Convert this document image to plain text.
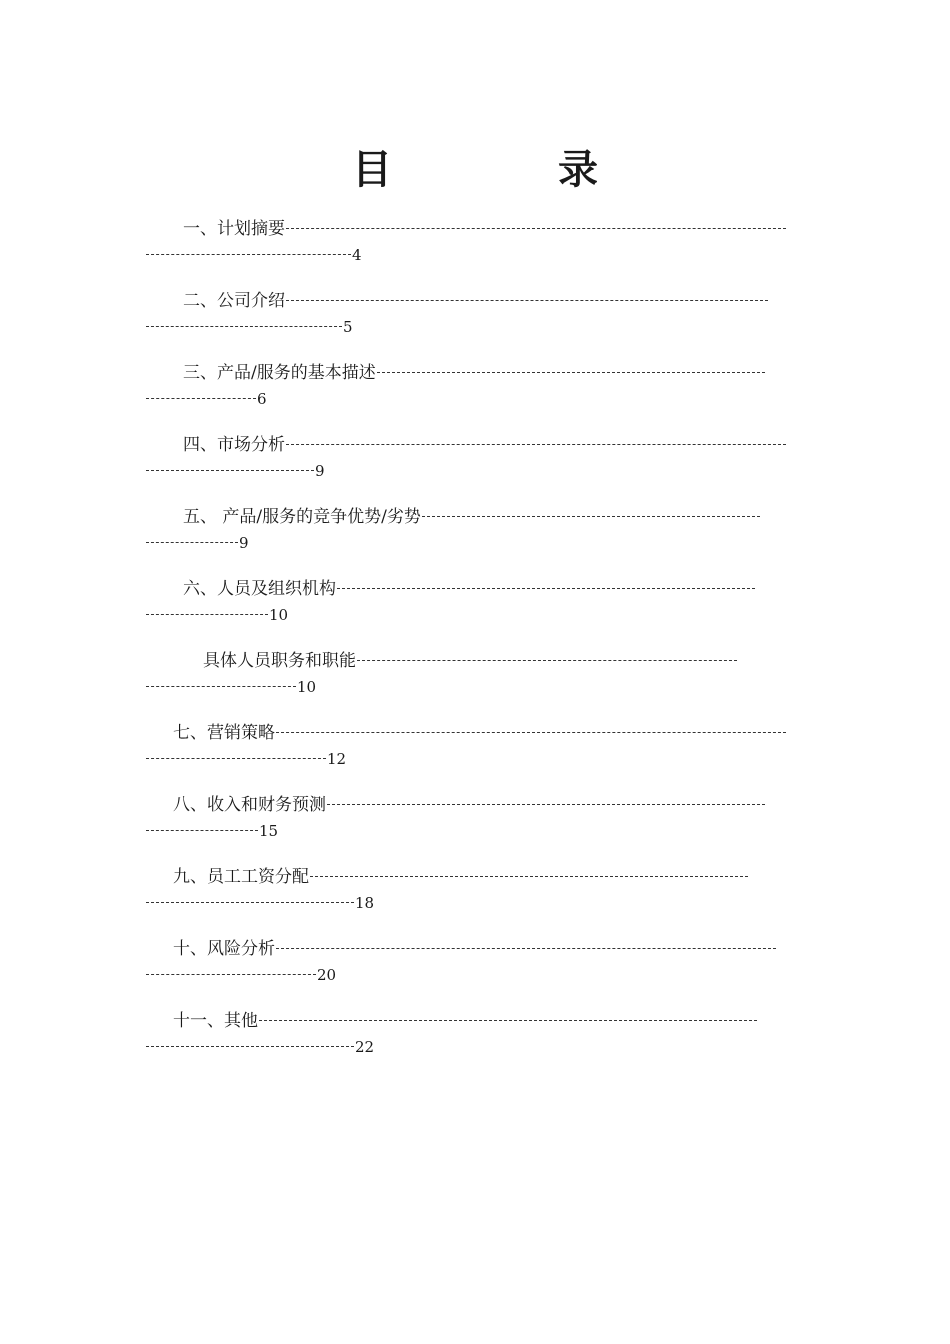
目 录
一、计划摘要
4
二、公司介绍
5
三、产品/服务的基本描述
6
四、市场分析
9
五、 产品/服务的竞争优势/劣势
9
六、人员及组织机构
10
具体人员职务和职能
10
七、营销策略
12
八、收入和财务预测
15
九、员工工资分配
18
十、风险分析
20
十一、其他
22
